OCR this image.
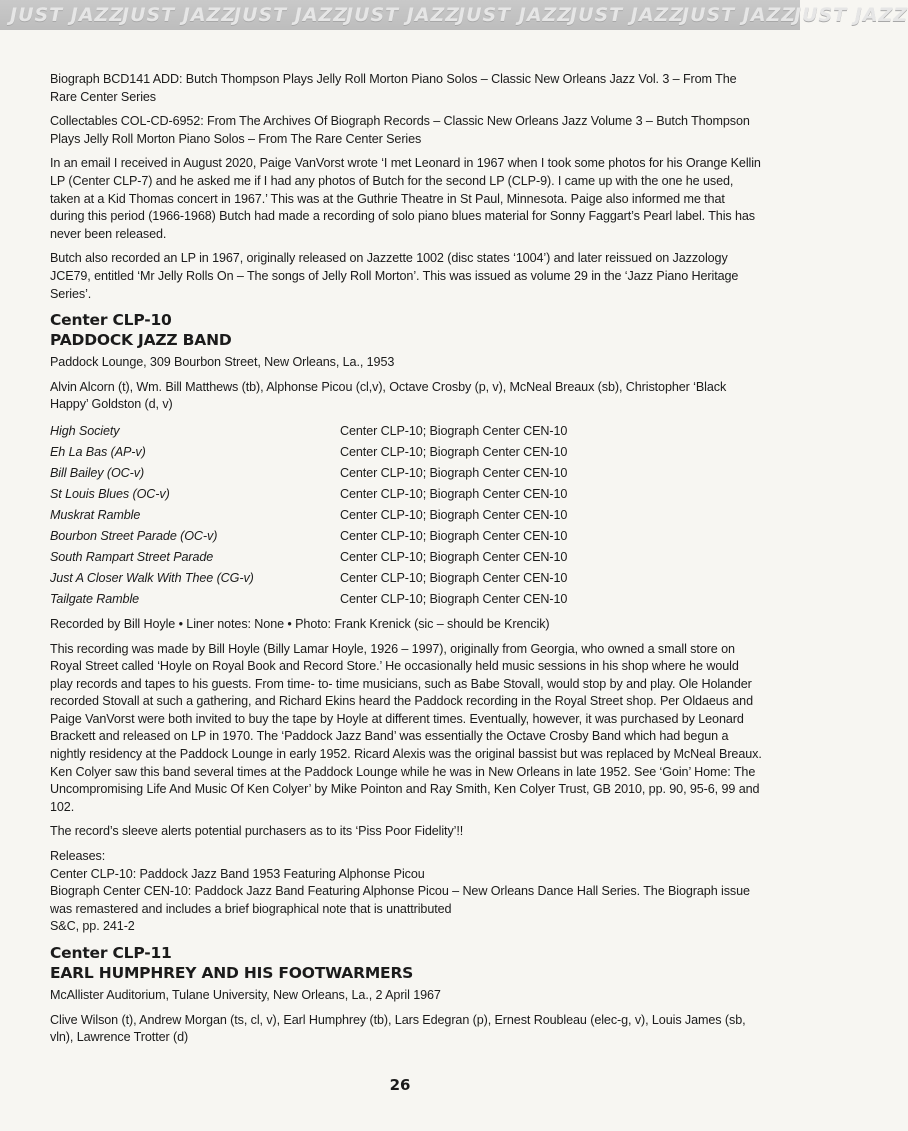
JUST JAZZJUST JAZZJUST JAZZJUST JAZZJUST JAZZJUST JAZZJUST JAZZJUST JAZZ

Biograph BCD141 ADD: Butch Thompson Plays Jelly Roll Morton Piano Solos – Classic New Orleans Jazz Vol. 3 – From The Rare Center Series

Collectables COL-CD-6952: From The Archives Of Biograph Records – Classic New Orleans Jazz Volume 3 – Butch Thompson Plays Jelly Roll Morton Piano Solos – From The Rare Center Series

In an email I received in August 2020, Paige VanVorst wrote ‘I met Leonard in 1967 when I took some photos for his Orange Kellin LP (Center CLP-7) and he asked me if I had any photos of Butch for the second LP (CLP-9). I came up with the one he used, taken at a Kid Thomas concert in 1967.’ This was at the Guthrie Theatre in St Paul, Minnesota. Paige also informed me that during this period (1966-1968) Butch had made a recording of solo piano blues material for Sonny Faggart’s Pearl label. This has never been released.

Butch also recorded an LP in 1967, originally released on Jazzette 1002 (disc states ‘1004’) and later reissued on Jazzology JCE79, entitled ‘Mr Jelly Rolls On – The songs of Jelly Roll Morton’. This was issued as volume 29 in the ‘Jazz Piano Heritage Series’.

Center CLP-10
PADDOCK JAZZ BAND

Paddock Lounge, 309 Bourbon Street, New Orleans, La., 1953

Alvin Alcorn (t), Wm. Bill Matthews (tb), Alphonse Picou (cl,v), Octave Crosby (p, v), McNeal Breaux (sb), Christopher ‘Black Happy’ Goldston (d, v)

High Society	Center CLP-10; Biograph Center CEN-10
Eh La Bas (AP-v)	Center CLP-10; Biograph Center CEN-10
Bill Bailey (OC-v)	Center CLP-10; Biograph Center CEN-10
St Louis Blues (OC-v)	Center CLP-10; Biograph Center CEN-10
Muskrat Ramble	Center CLP-10; Biograph Center CEN-10
Bourbon Street Parade (OC-v)	Center CLP-10; Biograph Center CEN-10
South Rampart Street Parade	Center CLP-10; Biograph Center CEN-10
Just A Closer Walk With Thee (CG-v)	Center CLP-10; Biograph Center CEN-10
Tailgate Ramble	Center CLP-10; Biograph Center CEN-10

Recorded by Bill Hoyle • Liner notes: None • Photo: Frank Krenick (sic – should be Krencik)

This recording was made by Bill Hoyle (Billy Lamar Hoyle, 1926 – 1997), originally from Georgia, who owned a small store on Royal Street called ‘Hoyle on Royal Book and Record Store.’ He occasionally held music sessions in his shop where he would play records and tapes to his guests. From time- to- time musicians, such as Babe Stovall, would stop by and play. Ole Holander recorded Stovall at such a gathering, and Richard Ekins heard the Paddock recording in the Royal Street shop. Per Oldaeus and Paige VanVorst were both invited to buy the tape by Hoyle at different times. Eventually, however, it was purchased by Leonard Brackett and released on LP in 1970. The ‘Paddock Jazz Band’ was essentially the Octave Crosby Band which had begun a nightly residency at the Paddock Lounge in early 1952. Ricard Alexis was the original bassist but was replaced by McNeal Breaux. Ken Colyer saw this band several times at the Paddock Lounge while he was in New Orleans in late 1952. See ‘Goin’ Home: The Uncompromising Life And Music Of Ken Colyer’ by Mike Pointon and Ray Smith, Ken Colyer Trust, GB 2010, pp. 90, 95-6, 99 and 102.

The record’s sleeve alerts potential purchasers as to its ‘Piss Poor Fidelity’!!

Releases:

Center CLP-10: Paddock Jazz Band 1953 Featuring Alphonse Picou

Biograph Center CEN-10: Paddock Jazz Band Featuring Alphonse Picou – New Orleans Dance Hall Series. The Biograph issue was remastered and includes a brief biographical note that is unattributed

S&C, pp. 241-2

Center CLP-11
EARL HUMPHREY AND HIS FOOTWARMERS

McAllister Auditorium, Tulane University, New Orleans, La., 2 April 1967

Clive Wilson (t), Andrew Morgan (ts, cl, v), Earl Humphrey (tb), Lars Edegran (p), Ernest Roubleau (elec-g, v), Louis James (sb, vln), Lawrence Trotter (d)

26
